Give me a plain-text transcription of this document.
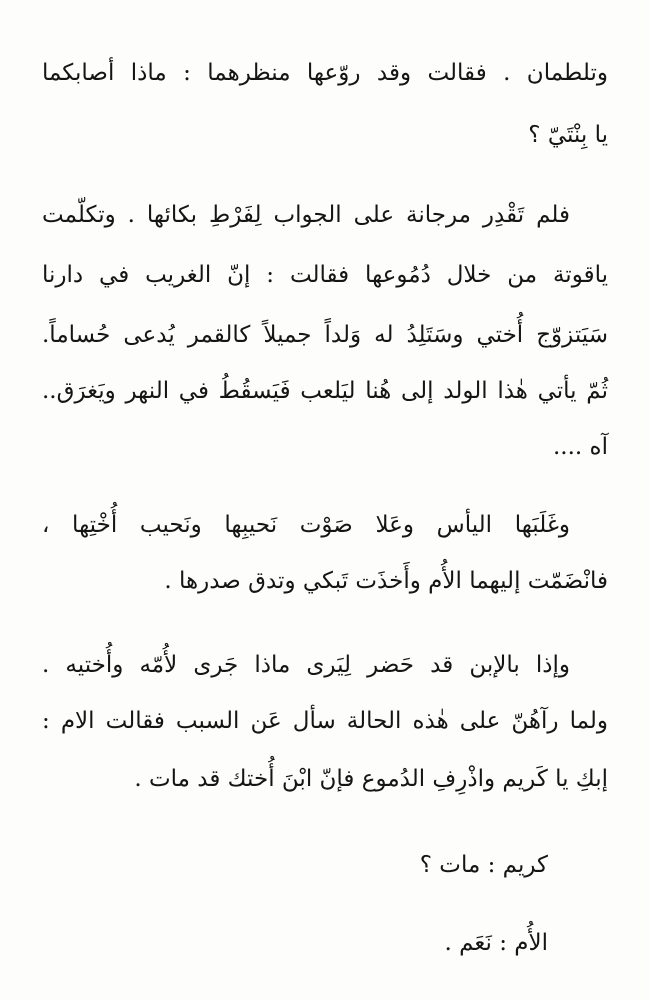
وتلطمان . فقالت وقد روّعها منظرهما : ماذا أصابكما
يا بِنْتَيّ ؟
فلم تَقْدِر مرجانة على الجواب لِفَرْطِ بكائها . وتكلّمت
ياقوتة من خلال دُمُوعها فقالت : إنّ الغريب في دارنا
سَيَتزوّج أُختي وسَتَلِدُ له وَلداً جميلاً كالقمر يُدعى حُساماً.
ثُمّ يأتي هٰذا الولد إلى هُنا ليَلعب فَيَسقُطُ في النهر ويَغرَق..
آه ....
وغَلَبَها اليأس وعَلا صَوْت نَحيبِها ونَحيب أُخْتِها ،
فانْضَمّت إليهما الأُم وأَخذَت تَبكي وتدق صدرها .
وإذا بالإبن قد حَضر لِيَرى ماذا جَرى لأُمّه وأُختيه .
ولما رآهُنّ على هٰذه الحالة سأل عَن السبب فقالت الام :
إبكِ يا كَريم واذْرِفِ الدُموع فإنّ ابْنَ أُختك قد مات .
كريم : مات ؟
الأُم : نَعَم .
